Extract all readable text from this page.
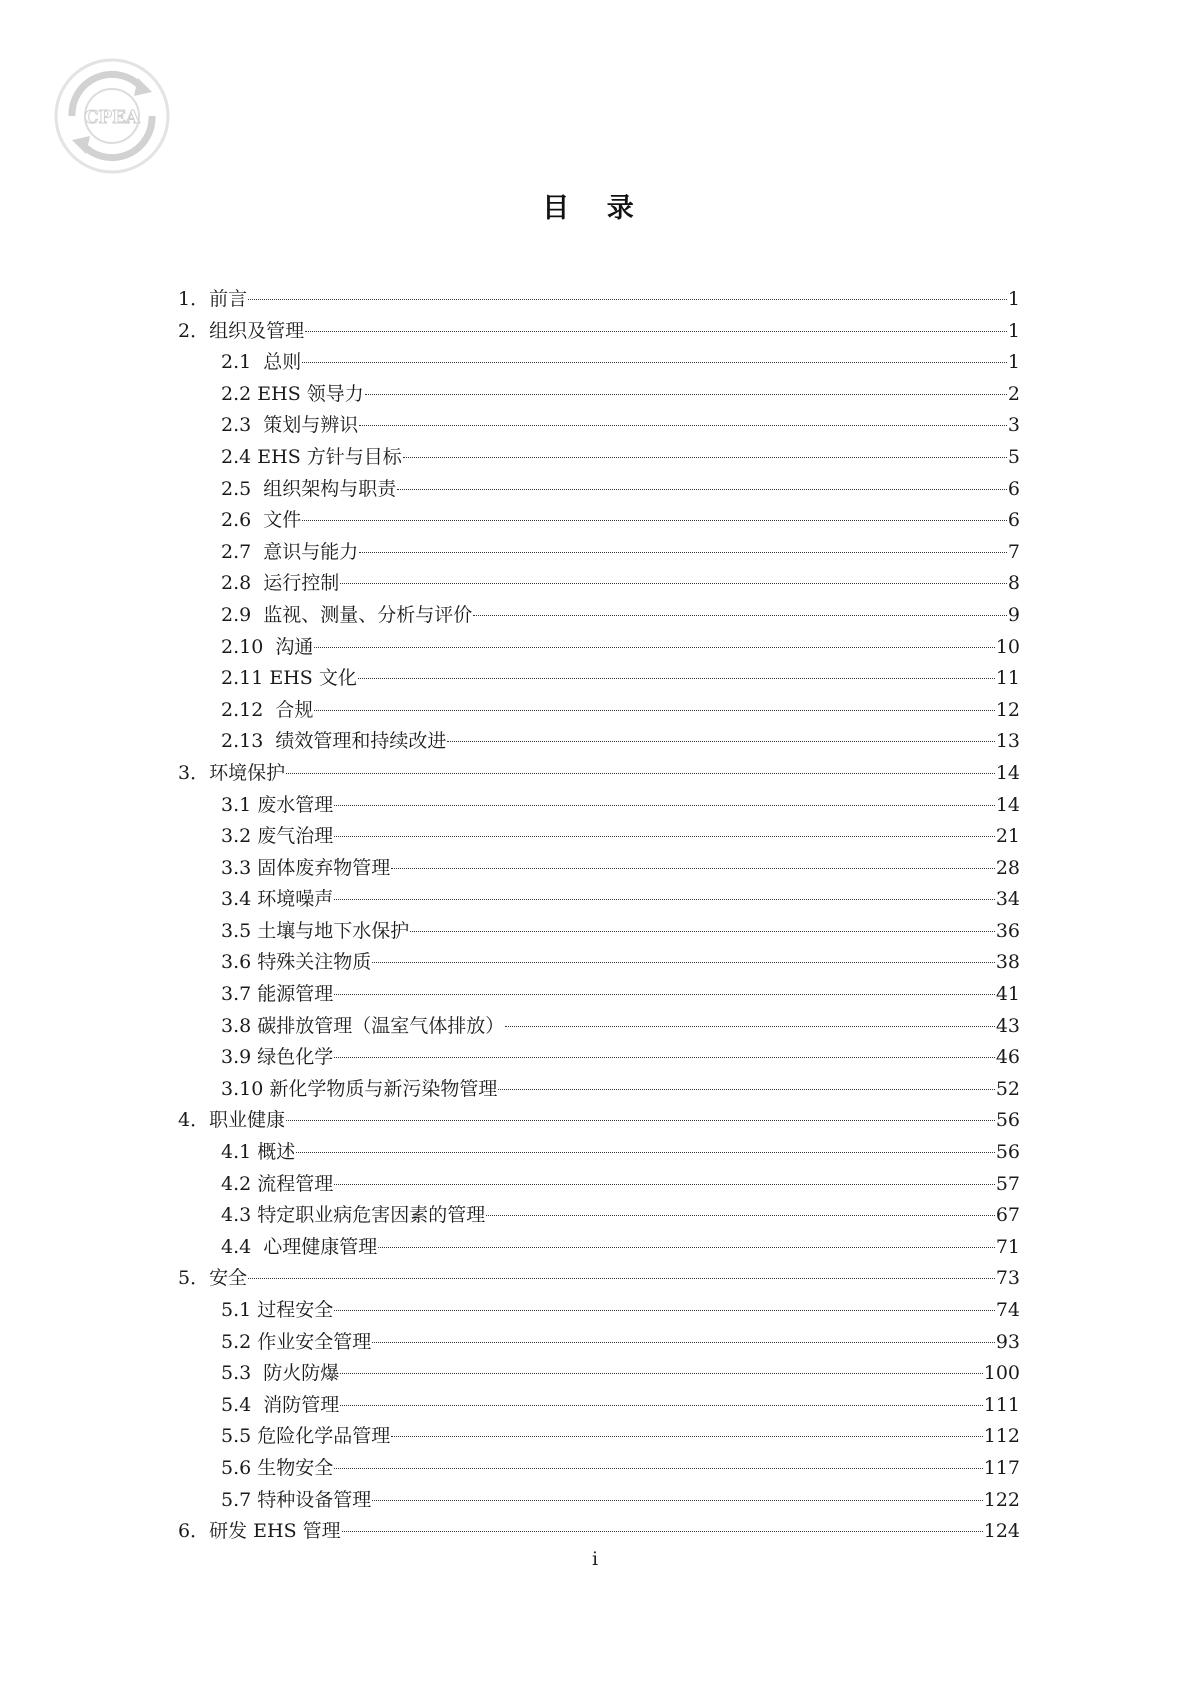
CPEA
目 录
1．前言	1
2．组织及管理	1
2.1  总则	1
2.2 EHS 领导力	2
2.3  策划与辨识	3
2.4 EHS 方针与目标	5
2.5  组织架构与职责	6
2.6  文件	6
2.7  意识与能力	7
2.8  运行控制	8
2.9  监视、测量、分析与评价	9
2.10  沟通	10
2.11 EHS 文化	11
2.12  合规	12
2.13  绩效管理和持续改进	13
3．环境保护	14
3.1 废水管理	14
3.2 废气治理	21
3.3 固体废弃物管理	28
3.4 环境噪声	34
3.5 土壤与地下水保护	36
3.6 特殊关注物质	38
3.7 能源管理	41
3.8 碳排放管理（温室气体排放）	43
3.9 绿色化学	46
3.10 新化学物质与新污染物管理	52
4．职业健康	56
4.1 概述	56
4.2 流程管理	57
4.3 特定职业病危害因素的管理	67
4.4  心理健康管理	71
5．安全	73
5.1 过程安全	74
5.2 作业安全管理	93
5.3  防火防爆	100
5.4  消防管理	111
5.5 危险化学品管理	112
5.6 生物安全	117
5.7 特种设备管理	122
6．研发 EHS 管理	124
i
